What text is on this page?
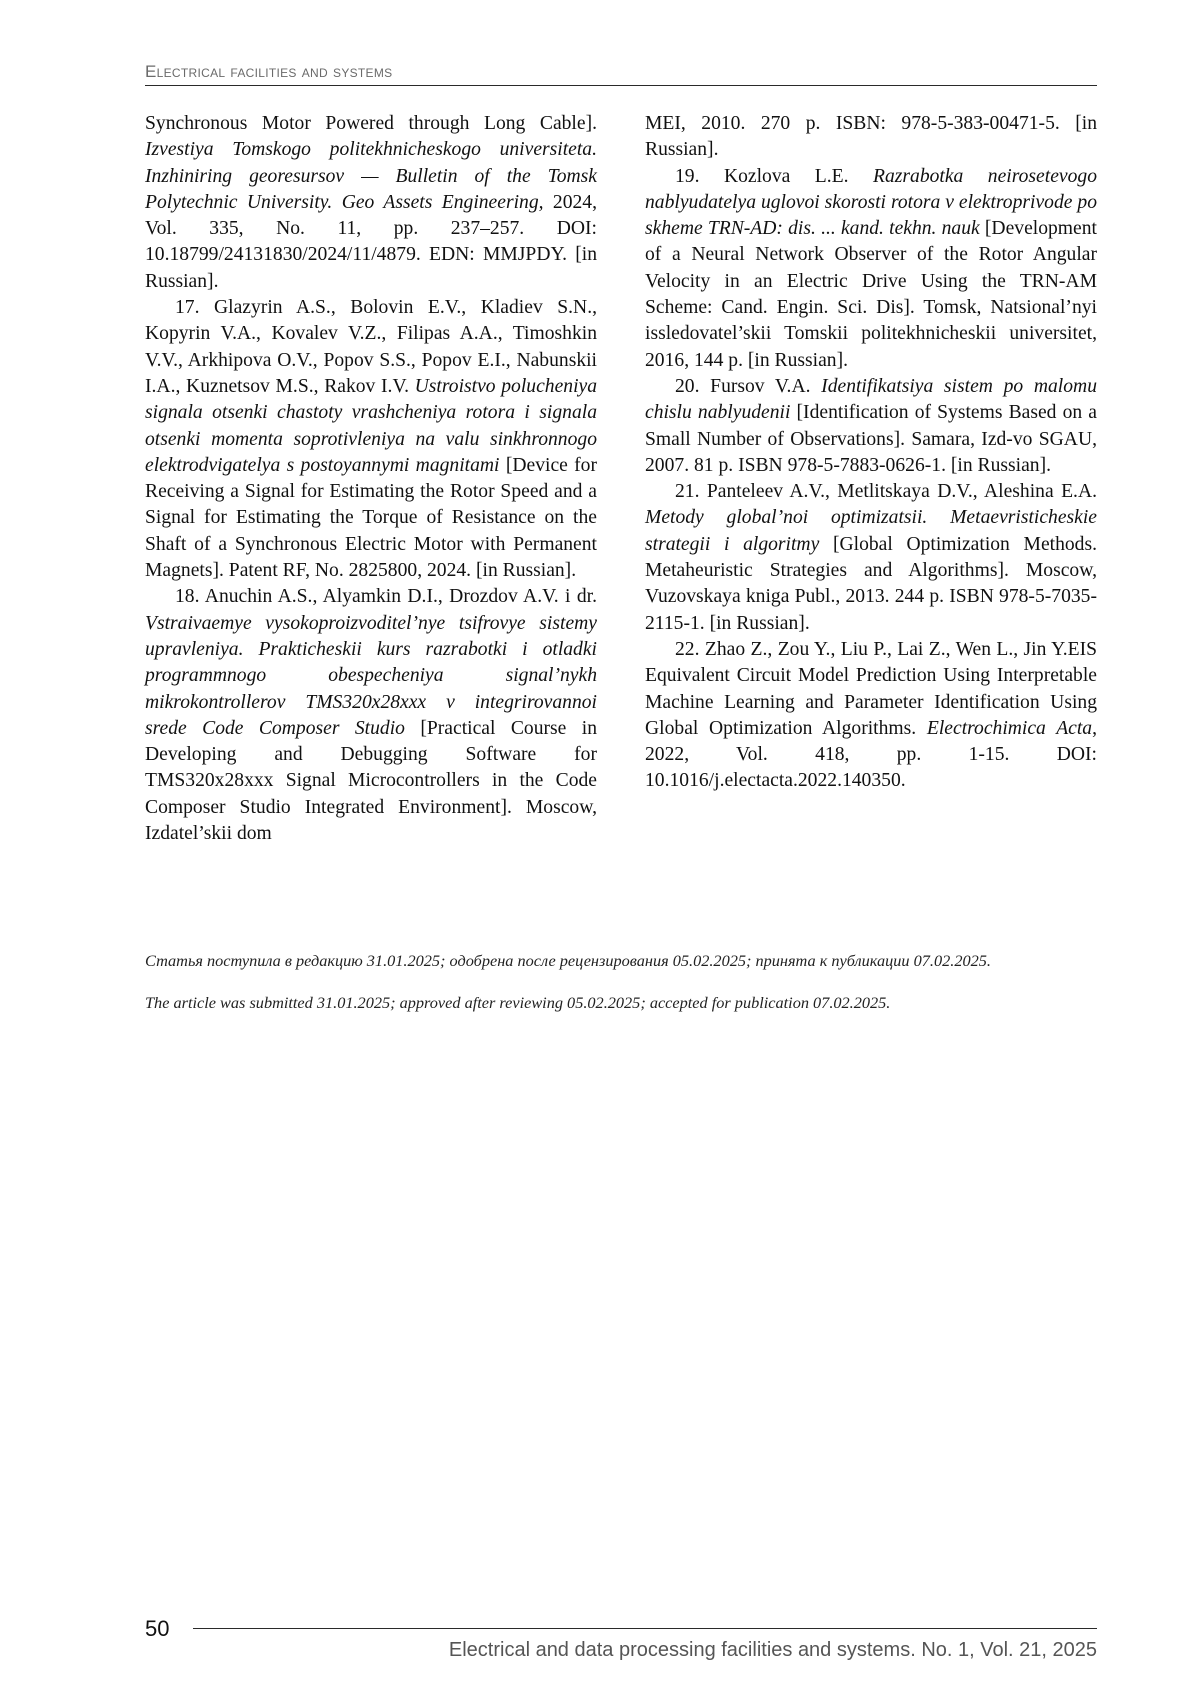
Electrical facilities and systems

Synchronous Motor Powered through Long Cable]. Izvestiya Tomskogo politekhnicheskogo universiteta. Inzhiniring georesursov — Bulletin of the Tomsk Polytechnic University. Geo Assets Engineering, 2024, Vol. 335, No. 11, pp. 237–257. DOI: 10.18799/24131830/2024/11/4879. EDN: MMJPDY. [in Russian].

17. Glazyrin A.S., Bolovin E.V., Kladiev S.N., Kopyrin V.A., Kovalev V.Z., Filipas A.A., Timoshkin V.V., Arkhipova O.V., Popov S.S., Popov E.I., Nabunskii I.A., Kuznetsov M.S., Rakov I.V. Ustroistvo polucheniya signala otsenki chastoty vrashcheniya rotora i signala otsenki momenta soprotivleniya na valu sinkhronnogo elektrodvigatelya s postoyannymi magnitami [Device for Receiving a Signal for Estimating the Rotor Speed and a Signal for Estimating the Torque of Resistance on the Shaft of a Synchronous Electric Motor with Permanent Magnets]. Patent RF, No. 2825800, 2024. [in Russian].

18. Anuchin A.S., Alyamkin D.I., Drozdov A.V. i dr. Vstraivaemye vysokoproizvoditel’nye tsifrovye sistemy upravleniya. Prakticheskii kurs razrabotki i otladki programmnogo obespecheniya signal’nykh mikrokontrollerov TMS320x28xxx v integrirovannoi srede Code Composer Studio [Practical Course in Developing and Debugging Software for TMS320x28xxx Signal Microcontrollers in the Code Composer Studio Integrated Environment]. Moscow, Izdatel’skii dom

MEI, 2010. 270 p. ISBN: 978-5-383-00471-5. [in Russian].

19. Kozlova L.E. Razrabotka neirosetevogo nablyudatelya uglovoi skorosti rotora v elektroprivode po skheme TRN-AD: dis. ... kand. tekhn. nauk [Development of a Neural Network Observer of the Rotor Angular Velocity in an Electric Drive Using the TRN-AM Scheme: Cand. Engin. Sci. Dis]. Tomsk, Natsional’nyi issledovatel’skii Tomskii politekhnicheskii universitet, 2016, 144 p. [in Russian].

20. Fursov V.A. Identifikatsiya sistem po malomu chislu nablyudenii [Identification of Systems Based on a Small Number of Observations]. Samara, Izd-vo SGAU, 2007. 81 p. ISBN 978-5-7883-0626-1. [in Russian].

21. Panteleev A.V., Metlitskaya D.V., Aleshina E.A. Metody global’noi optimizatsii. Metaevristicheskie strategii i algoritmy [Global Optimization Methods. Metaheuristic Strategies and Algorithms]. Moscow, Vuzovskaya kniga Publ., 2013. 244 p. ISBN 978-5-7035-2115-1. [in Russian].

22. Zhao Z., Zou Y., Liu P., Lai Z., Wen L., Jin Y.EIS Equivalent Circuit Model Prediction Using Interpretable Machine Learning and Parameter Identification Using Global Optimization Algorithms. Electrochimica Acta, 2022, Vol. 418, pp. 1-15. DOI: 10.1016/j.electacta.2022.140350.

Статья поступила в редакцию 31.01.2025; одобрена после рецензирования 05.02.2025; принята к публикации 07.02.2025.
The article was submitted 31.01.2025; approved after reviewing 05.02.2025; accepted for publication 07.02.2025.
50
Electrical and data processing facilities and systems. No. 1, Vol. 21, 2025
